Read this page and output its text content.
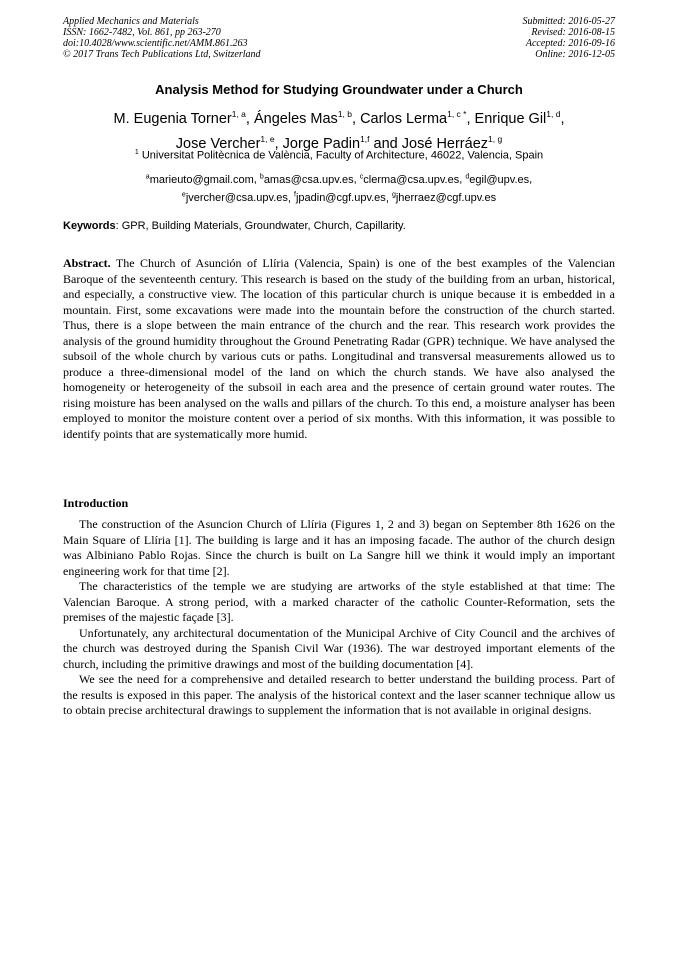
Applied Mechanics and Materials
ISSN: 1662-7482, Vol. 861, pp 263-270
doi:10.4028/www.scientific.net/AMM.861.263
© 2017 Trans Tech Publications Ltd, Switzerland
Submitted: 2016-05-27
Revised: 2016-08-15
Accepted: 2016-09-16
Online: 2016-12-05
Analysis Method for Studying Groundwater under a Church
M. Eugenia Torner$^{1, a}$, Ángeles Mas$^{1, b}$, Carlos Lerma$^{1, c *}$, Enrique Gil$^{1, d}$,
Jose Vercher$^{1, e}$, Jorge Padin$^{1,f}$ and José Herráez$^{1, g}$
$^1$ Universitat Politècnica de València, Faculty of Architecture, 46022, Valencia, Spain
$^a$marieuto@gmail.com, $^b$amas@csa.upv.es, $^c$clerma@csa.upv.es, $^d$egil@upv.es,
$^e$jvercher@csa.upv.es, $^f$jpadin@cgf.upv.es, $^g$jherraez@cgf.upv.es
Keywords: GPR, Building Materials, Groundwater, Church, Capillarity.
Abstract. The Church of Asunción of Llíria (Valencia, Spain) is one of the best examples of the Valencian Baroque of the seventeenth century. This research is based on the study of the building from an urban, historical, and especially, a constructive view. The location of this particular church is unique because it is embedded in a mountain. First, some excavations were made into the mountain before the construction of the church started. Thus, there is a slope between the main entrance of the church and the rear. This research work provides the analysis of the ground humidity throughout the Ground Penetrating Radar (GPR) technique. We have analysed the subsoil of the whole church by various cuts or paths. Longitudinal and transversal measurements allowed us to produce a three-dimensional model of the land on which the church stands. We have also analysed the homogeneity or heterogeneity of the subsoil in each area and the presence of certain ground water routes. The rising moisture has been analysed on the walls and pillars of the church. To this end, a moisture analyser has been employed to monitor the moisture content over a period of six months. With this information, it was possible to identify points that are systematically more humid.
Introduction

The construction of the Asuncion Church of Llíria (Figures 1, 2 and 3) began on September 8th 1626 on the Main Square of Llíria [1]. The building is large and it has an imposing facade. The author of the church design was Albiniano Pablo Rojas. Since the church is built on La Sangre hill we think it would imply an important engineering work for that time [2].

The characteristics of the temple we are studying are artworks of the style established at that time: The Valencian Baroque. A strong period, with a marked character of the catholic Counter-Reformation, sets the premises of the majestic façade [3].

Unfortunately, any architectural documentation of the Municipal Archive of City Council and the archives of the church was destroyed during the Spanish Civil War (1936). The war destroyed important elements of the church, including the primitive drawings and most of the building documentation [4].

We see the need for a comprehensive and detailed research to better understand the building process. Part of the results is exposed in this paper. The analysis of the historical context and the laser scanner technique allow us to obtain precise architectural drawings to supplement the information that is not available in original designs.
